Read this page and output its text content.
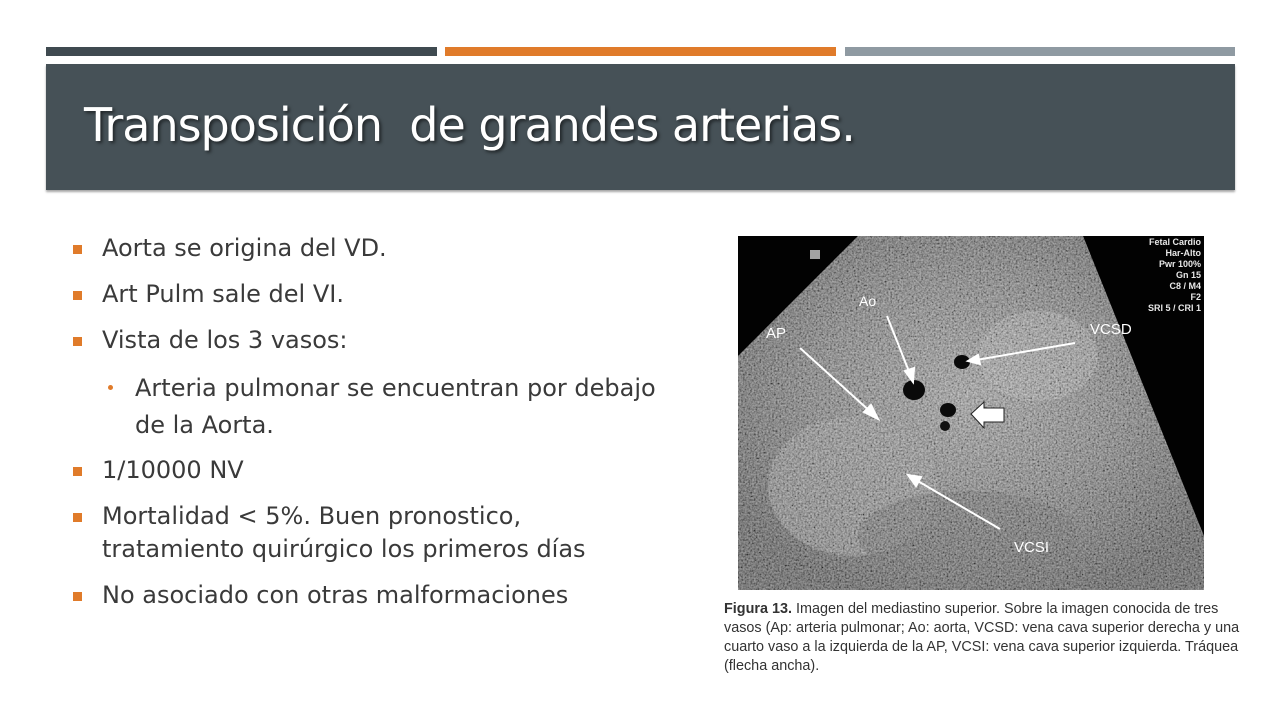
Transposición  de grandes arterias.
Aorta se origina del VD.
Art Pulm sale del VI.
Vista de los 3 vasos:
Arteria pulmonar se encuentran por debajo de la Aorta.
1/10000 NV
Mortalidad < 5%. Buen pronostico, tratamiento quirúrgico los primeros días
No asociado con otras malformaciones
AP
Ao
VCSD
VCSI
Fetal Cardio
Har-Alto
Pwr 100%
Gn 15
C8 / M4
F2
SRI 5 / CRI 1

Figura 13. Imagen del mediastino superior. Sobre la imagen conocida de tres vasos (Ap: arteria pulmonar; Ao: aorta, VCSD: vena cava superior derecha y una cuarto vaso a la izquierda de la AP, VCSI: vena cava superior izquierda. Tráquea (flecha ancha).
